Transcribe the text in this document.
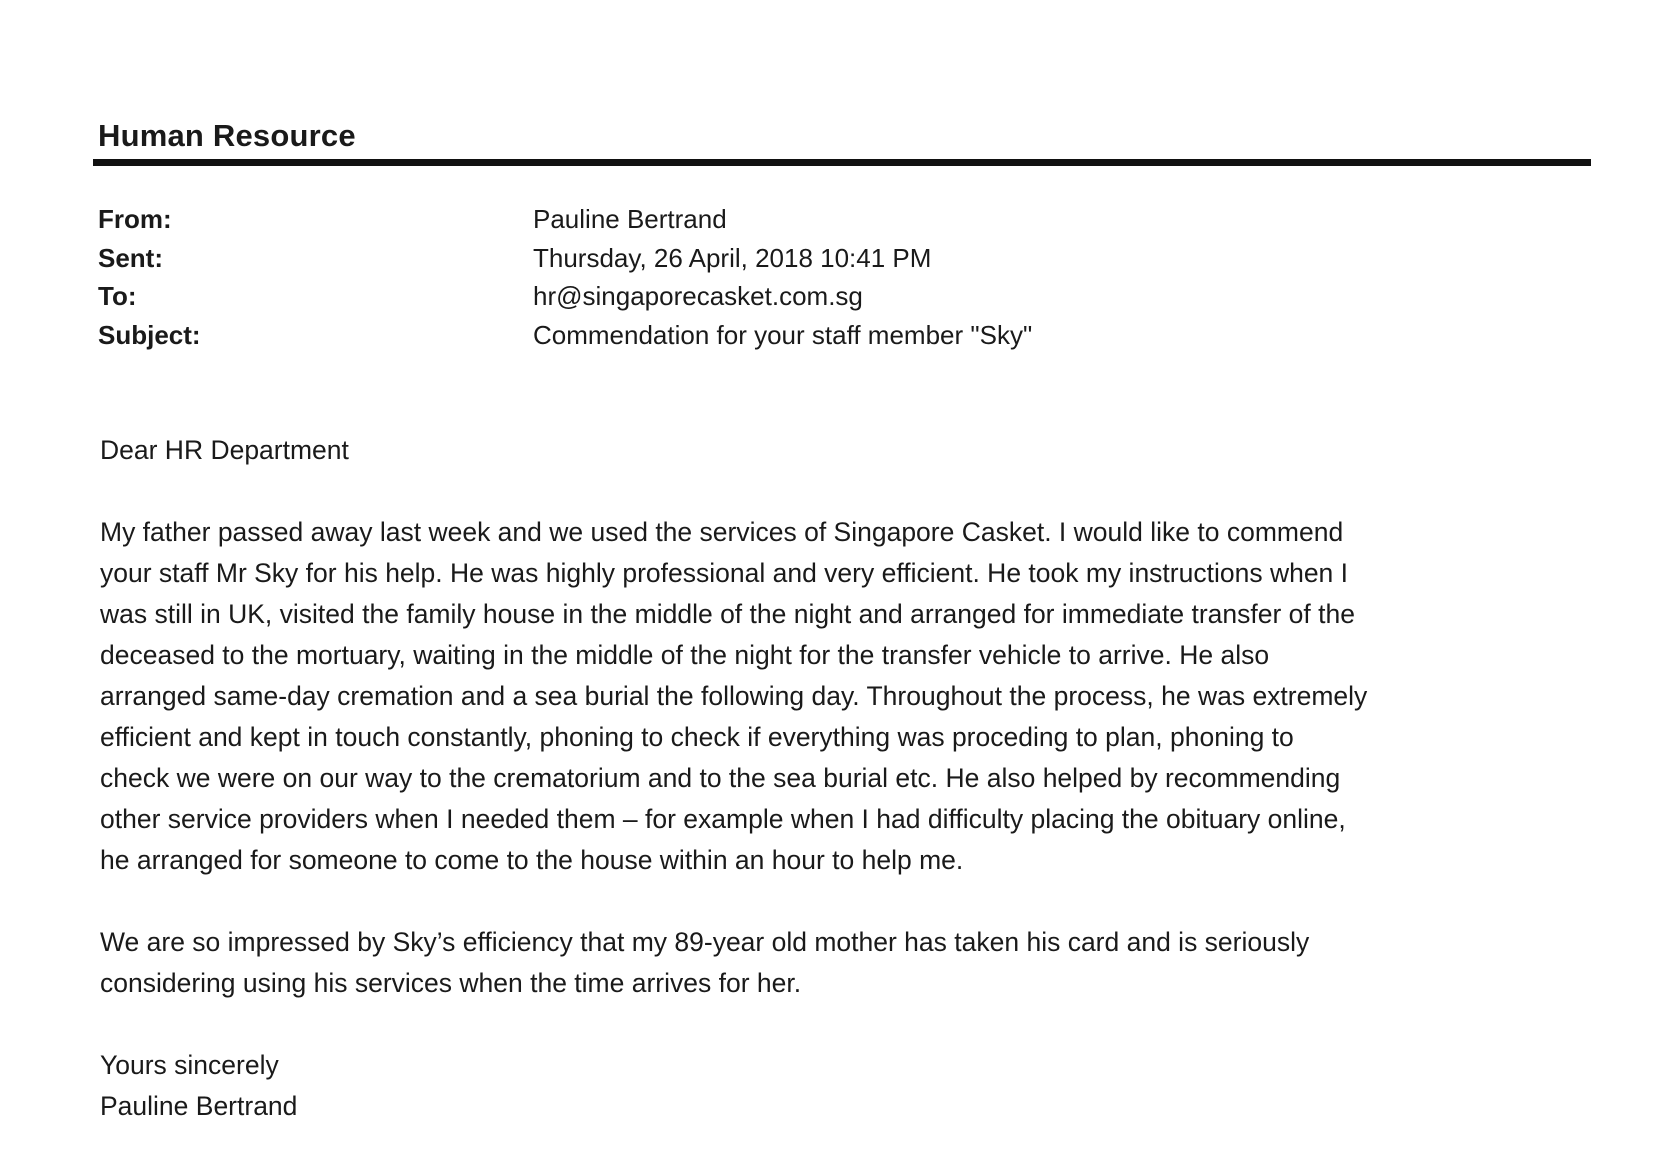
Human Resource
From:	Pauline Bertrand
Sent:	Thursday, 26 April, 2018 10:41 PM
To:	hr@singaporecasket.com.sg
Subject:	Commendation for your staff member "Sky"

Dear HR Department

My father passed away last week and we used the services of Singapore Casket. I would like to commend
your staff Mr Sky for his help. He was highly professional and very efficient. He took my instructions when I
was still in UK, visited the family house in the middle of the night and arranged for immediate transfer of the
deceased to the mortuary, waiting in the middle of the night for the transfer vehicle to arrive. He also
arranged same-day cremation and a sea burial the following day. Throughout the process, he was extremely
efficient and kept in touch constantly, phoning to check if everything was proceding to plan, phoning to
check we were on our way to the crematorium and to the sea burial etc. He also helped by recommending
other service providers when I needed them – for example when I had difficulty placing the obituary online,
he arranged for someone to come to the house within an hour to help me.

We are so impressed by Sky’s efficiency that my 89-year old mother has taken his card and is seriously
considering using his services when the time arrives for her.

Yours sincerely

Pauline Bertrand
